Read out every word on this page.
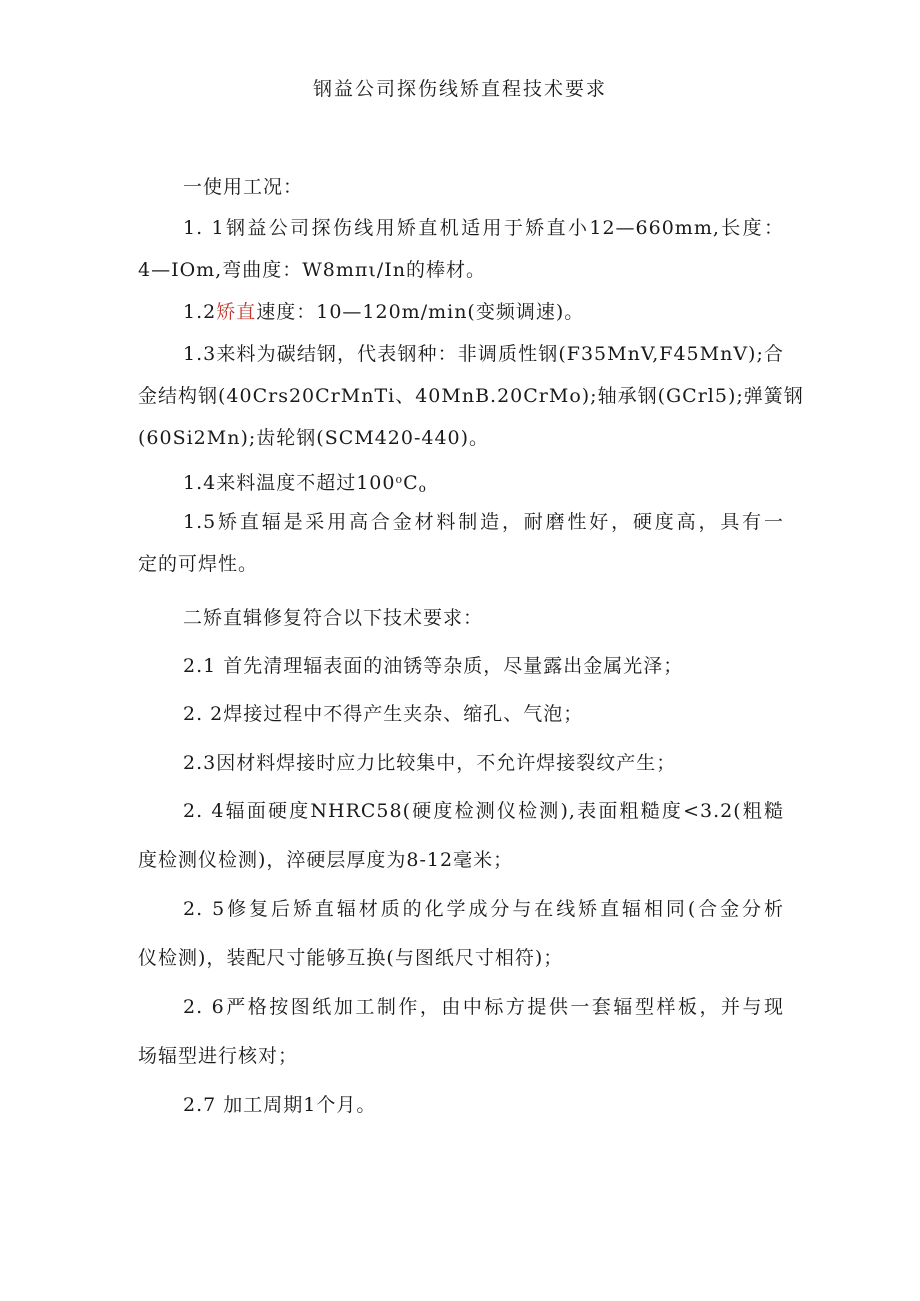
钢益公司探伤线矫直程技术要求
一使用工况：
1. 1钢益公司探伤线用矫直机适用于矫直小12—660mm,长度：
4—IOm,弯曲度：W8mπι/In的棒材。
1.2矫直速度：10—120m/min(变频调速)。
1.3来料为碳结钢，代表钢种：非调质性钢(F35MnV,F45MnV);合
金结构钢(40Crs20CrMnTi、40MnB.20CrMo);轴承钢(GCrl5);弹簧钢
(60Si2Mn);齿轮钢(SCM420-440)。
1.4来料温度不超过$100^oC_o$
1.5矫直辐是采用高合金材料制造，耐磨性好，硬度高，具有一
定的可焊性。
二矫直辑修复符合以下技术要求：
2.1 首先清理辐表面的油锈等杂质，尽量露出金属光泽；
2. 2焊接过程中不得产生夹杂、缩孔、气泡；
2.3因材料焊接时应力比较集中，不允许焊接裂纹产生；
2. 4辐面硬度NHRC58(硬度检测仪检测),表面粗糙度<3.2(粗糙
度检测仪检测)，淬硬层厚度为8-12毫米；
2. 5修复后矫直辐材质的化学成分与在线矫直辐相同(合金分析
仪检测)，装配尺寸能够互换(与图纸尺寸相符)；
2. 6严格按图纸加工制作，由中标方提供一套辐型样板，并与现
场辐型进行核对；
2.7 加工周期1个月。
